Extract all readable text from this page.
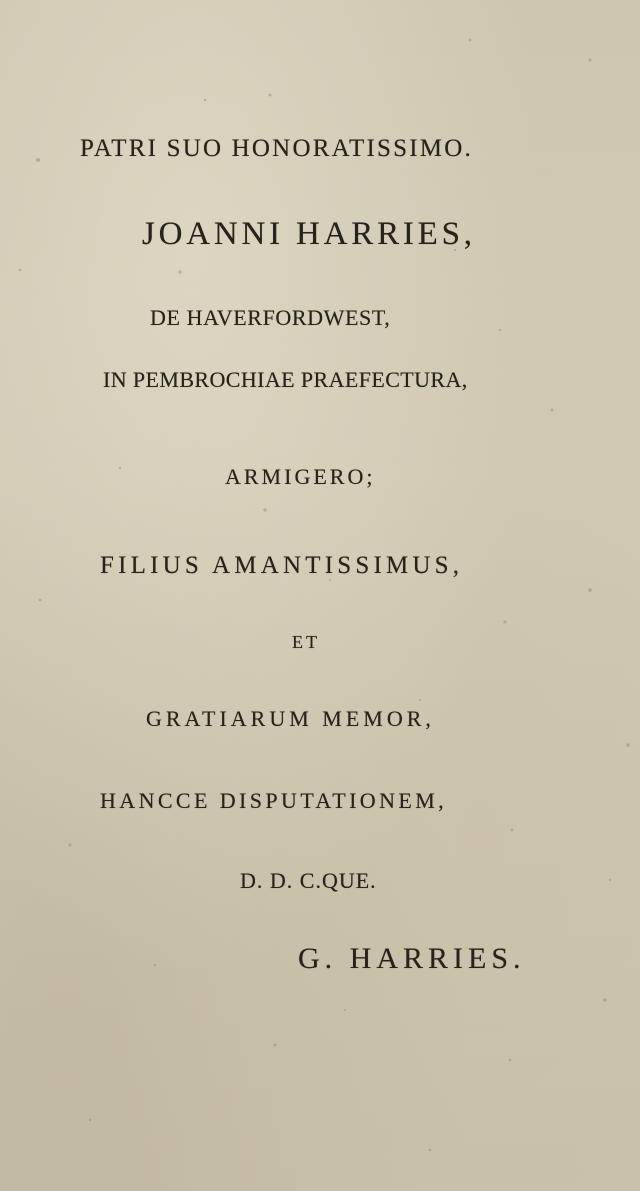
PATRI SUO HONORATISSIMO.
JOANNI HARRIES,
DE HAVERFORDWEST,
IN PEMBROCHIAE PRAEFECTURA,
ARMIGERO;
FILIUS AMANTISSIMUS,
ET
GRATIARUM MEMOR,
HANCCE DISPUTATIONEM,
D. D. C.QUE.
G. HARRIES.
